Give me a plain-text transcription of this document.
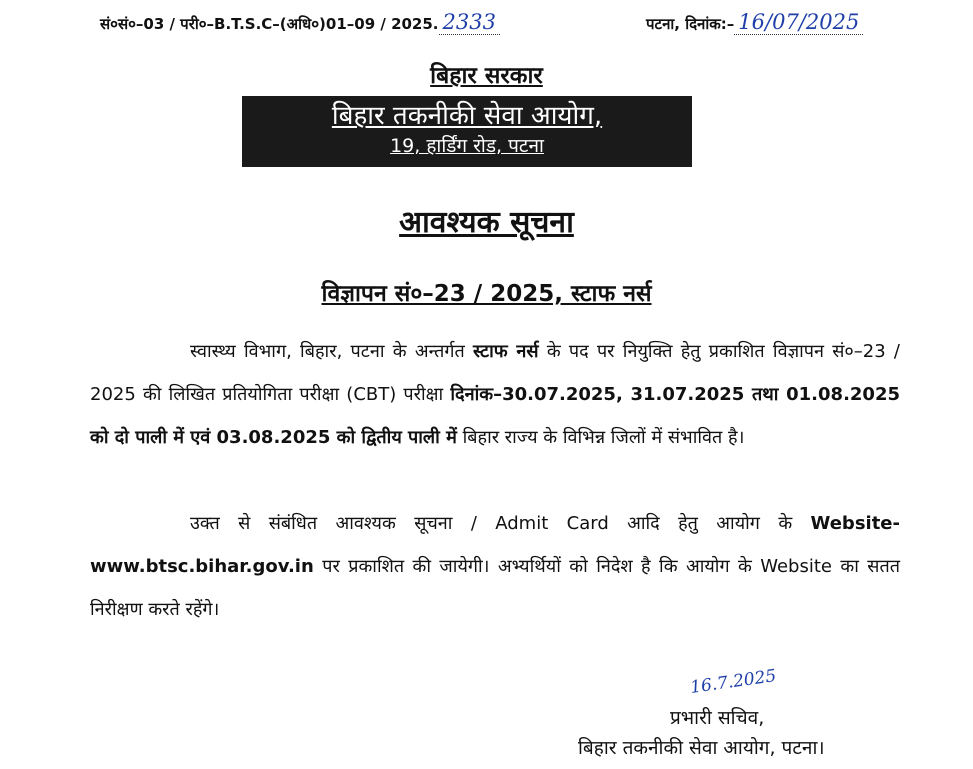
सं०सं०–03 / परी०–B.T.S.C–(अधि०)01–09 / 2025. 2333	पटना, दिनांक:– 16/07/2025
बिहार सरकार
बिहार तकनीकी सेवा आयोग,
19, हार्डिंग रोड, पटना
आवश्यक सूचना
विज्ञापन सं०–23 / 2025, स्टाफ नर्स
स्वास्थ्य विभाग, बिहार, पटना के अन्तर्गत स्टाफ नर्स के पद पर नियुक्ति हेतु प्रकाशित विज्ञापन सं०–23 / 2025 की लिखित प्रतियोगिता परीक्षा (CBT) परीक्षा दिनांक–30.07.2025, 31.07.2025 तथा 01.08.2025 को दो पाली में एवं 03.08.2025 को द्वितीय पाली में बिहार राज्य के विभिन्न जिलों में संभावित है।
उक्त से संबंधित आवश्यक सूचना / Admit Card आदि हेतु आयोग के Website-www.btsc.bihar.gov.in पर प्रकाशित की जायेगी। अभ्यर्थियों को निदेश है कि आयोग के Website का सतत निरीक्षण करते रहेंगे।
16.7.2025
प्रभारी सचिव,
बिहार तकनीकी सेवा आयोग, पटना।
